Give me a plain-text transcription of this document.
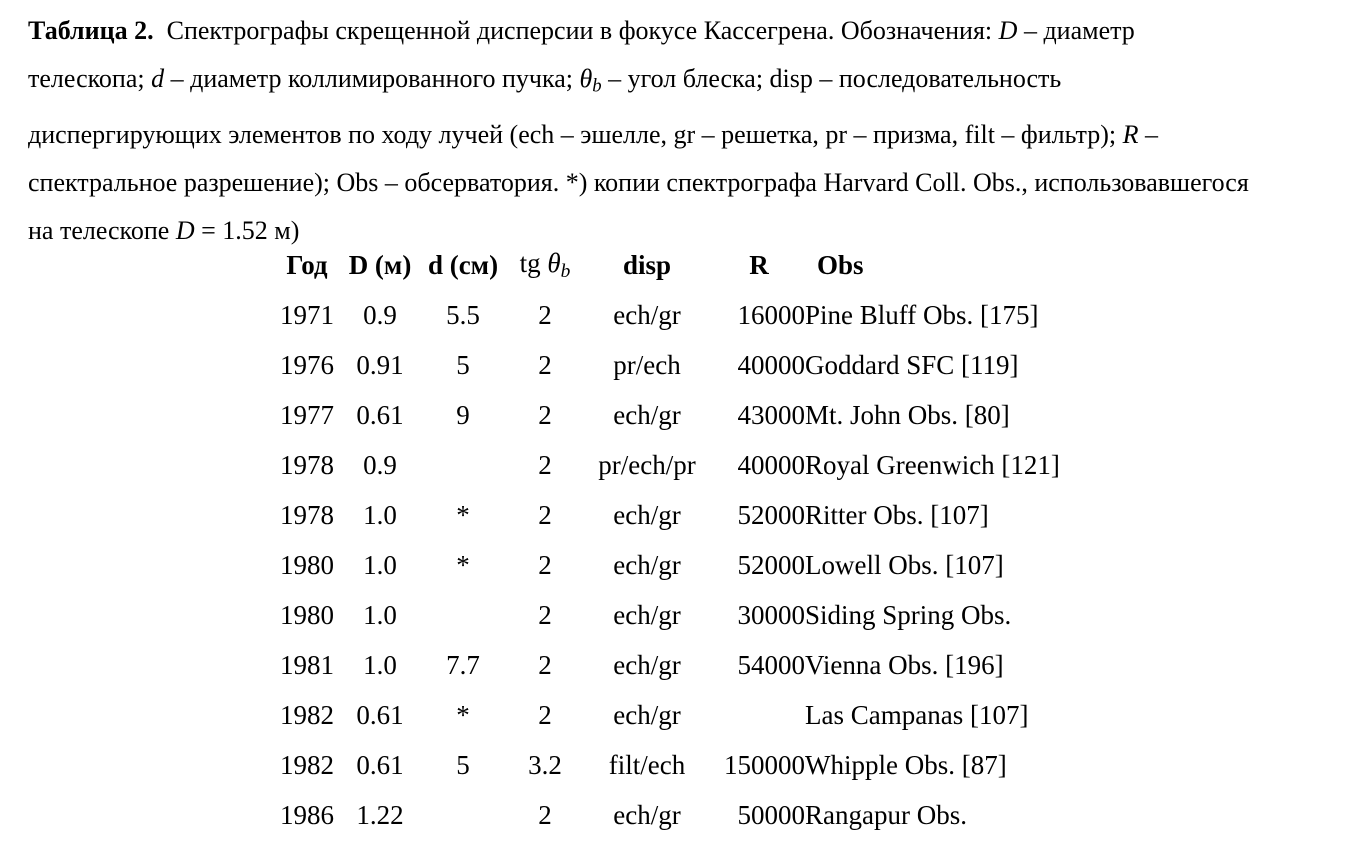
Таблица 2.  Спектрографы скрещенной дисперсии в фокусе Кассегрена. Обозначения: D – диаметр
телескопа; d – диаметр коллимированного пучка; $\theta_b$ – угол блеска; disp – последовательность
диспергирующих элементов по ходу лучей (ech – эшелле, gr – решетка, pr – призма, filt – фильтр); R –
спектральное разрешение); Obs – обсерватория. *) копии спектрографа Harvard Coll. Obs., использовавшегося
на телескопе D = 1.52 м)
Год	D (м)	d (см)	tg $\theta_b$	disp	R	Obs
1971	0.9	5.5	2	ech/gr	16000	Pine Bluff Obs. [175]
1976	0.91	5	2	pr/ech	40000	Goddard SFC [119]
1977	0.61	9	2	ech/gr	43000	Mt. John Obs. [80]
1978	0.9		2	pr/ech/pr	40000	Royal Greenwich [121]
1978	1.0	*	2	ech/gr	52000	Ritter Obs. [107]
1980	1.0	*	2	ech/gr	52000	Lowell Obs. [107]
1980	1.0		2	ech/gr	30000	Siding Spring Obs.
1981	1.0	7.7	2	ech/gr	54000	Vienna Obs. [196]
1982	0.61	*	2	ech/gr		Las Campanas [107]
1982	0.61	5	3.2	filt/ech	150000	Whipple Obs. [87]
1986	1.22		2	ech/gr	50000	Rangapur Obs.
